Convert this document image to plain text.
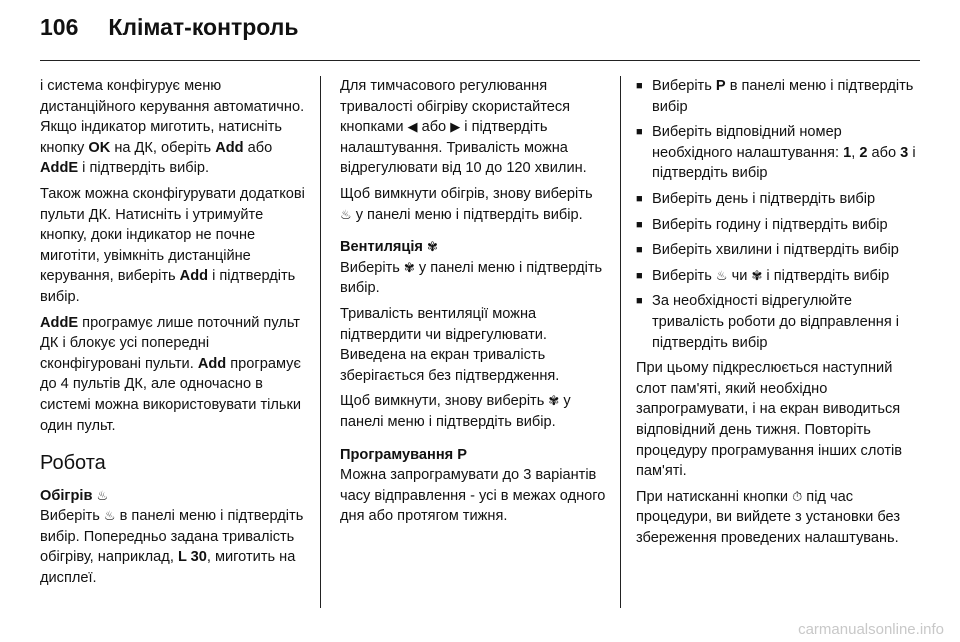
106 Клімат-контроль

і система конфігурує меню дистанційного керування автоматично. Якщо індикатор миготить, натисніть кнопку OK на ДК, оберіть Add або AddE і підтвердіть вибір.

Також можна сконфігурувати додаткові пульти ДК. Натисніть і утримуйте кнопку, доки індикатор не почне миготіти, увімкніть дистанційне керування, виберіть Add і підтвердіть вибір.

AddE програмує лише поточний пульт ДК і блокує усі попередні сконфігуровані пульти. Add програмує до 4 пультів ДК, але одночасно в системі можна використовувати тільки один пульт.

Робота
Обігрів ♨

Виберіть ♨ в панелі меню і підтвердіть вибір. Попередньо задана тривалість обігріву, наприклад, L 30, миготить на дисплеї.

Для тимчасового регулювання тривалості обігріву скористайтеся кнопками ◀ або ▶ і підтвердіть налаштування. Тривалість можна відрегулювати від 10 до 120 хвилин.

Щоб вимкнути обігрів, знову виберіть ♨ у панелі меню і підтвердіть вибір.

Вентиляція ✾

Виберіть ✾ у панелі меню і підтвердіть вибір.

Тривалість вентиляції можна підтвердити чи відрегулювати. Виведена на екран тривалість зберігається без підтвердження.

Щоб вимкнути, знову виберіть ✾ у панелі меню і підтвердіть вибір.

Програмування P

Можна запрограмувати до 3 варіантів часу відправлення - усі в межах одного дня або протягом тижня.

■ Виберіть P в панелі меню і підтвердіть вибір
■ Виберіть відповідний номер необхідного налаштування: 1, 2 або 3 і підтвердіть вибір
■ Виберіть день і підтвердіть вибір
■ Виберіть годину і підтвердіть вибір
■ Виберіть хвилини і підтвердіть вибір
■ Виберіть ♨ чи ✾ і підтвердіть вибір
■ За необхідності відрегулюйте тривалість роботи до відправлення і підтвердіть вибір

При цьому підкреслюється наступний слот пам'яті, який необхідно запрограмувати, і на екран виводиться відповідний день тижня. Повторіть процедуру програмування інших слотів пам'яті.

При натисканні кнопки ⏱ під час процедури, ви вийдете з установки без збереження проведених налаштувань.

carmanualsonline.info
